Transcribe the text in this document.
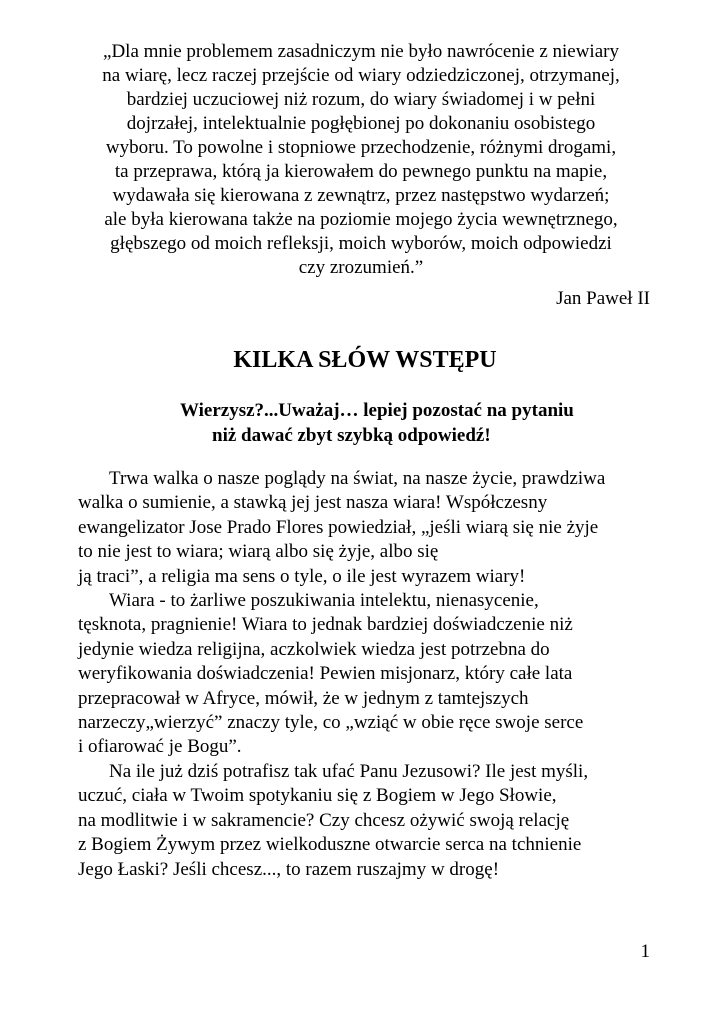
„Dla mnie problemem zasadniczym nie było nawrócenie z niewiary
na wiarę, lecz raczej przejście od wiary odziedziczonej, otrzymanej,
bardziej uczuciowej niż rozum, do wiary świadomej i w pełni
dojrzałej, intelektualnie pogłębionej po dokonaniu osobistego
wyboru. To powolne i stopniowe przechodzenie, różnymi drogami,
ta przeprawa, którą ja kierowałem do pewnego punktu na mapie,
wydawała się kierowana z zewnątrz, przez następstwo wydarzeń;
ale była kierowana także na poziomie mojego życia wewnętrznego,
głębszego od moich refleksji, moich wyborów, moich odpowiedzi
czy zrozumień.”
Jan Paweł II
KILKA SŁÓW WSTĘPU
Wierzysz?...Uważaj… lepiej pozostać na pytaniu
niż dawać zbyt szybką odpowiedź!
Trwa walka o nasze poglądy na świat, na nasze życie, prawdziwa
walka o sumienie, a stawką jej jest nasza wiara! Współczesny
ewangelizator Jose Prado Flores powiedział, „jeśli wiarą się nie żyje
to nie jest to wiara; wiarą albo się żyje, albo się
ją traci”, a religia ma sens o tyle, o ile jest wyrazem wiary!
Wiara - to żarliwe poszukiwania intelektu, nienasycenie,
tęsknota, pragnienie! Wiara to jednak bardziej doświadczenie niż
jedynie wiedza religijna, aczkolwiek wiedza jest potrzebna do
weryfikowania doświadczenia! Pewien misjonarz, który całe lata
przepracował w Afryce, mówił, że w jednym z tamtejszych
narzeczy„wierzyć” znaczy tyle, co „wziąć w obie ręce swoje serce
i ofiarować je Bogu”.
Na ile już dziś potrafisz tak ufać Panu Jezusowi? Ile jest myśli,
uczuć, ciała w Twoim spotykaniu się z Bogiem w Jego Słowie,
na modlitwie i w sakramencie? Czy chcesz ożywić swoją relację
z Bogiem Żywym przez wielkoduszne otwarcie serca na tchnienie
Jego Łaski? Jeśli chcesz..., to razem ruszajmy w drogę!
1
